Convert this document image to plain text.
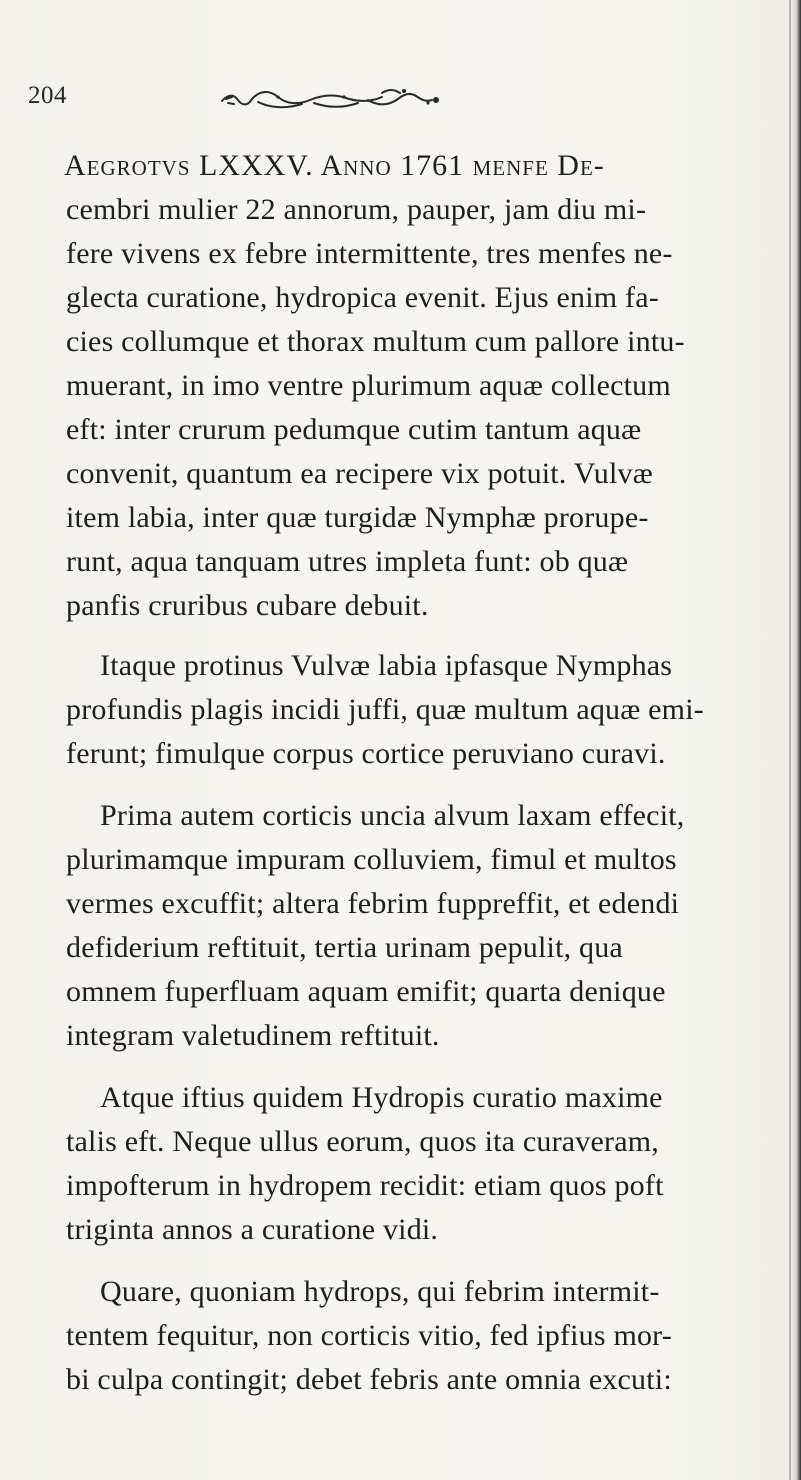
204
Aegrotvs LXXXV. Anno 1761 menfe De-
cembri mulier 22 annorum, pauper, jam diu mi-
fere vivens ex febre intermittente, tres menfes ne-
glecta curatione, hydropica evenit. Ejus enim fa-
cies collumque et thorax multum cum pallore intu-
muerant, in imo ventre plurimum aquæ collectum
eft: inter crurum pedumque cutim tantum aquæ
convenit, quantum ea recipere vix potuit. Vulvæ
item labia, inter quæ turgidæ Nymphæ prorupe-
runt, aqua tanquam utres impleta funt: ob quæ
panfis cruribus cubare debuit.
Itaque protinus Vulvæ labia ipfasque Nymphas
profundis plagis incidi juffi, quæ multum aquæ emi-
ferunt; fimulque corpus cortice peruviano curavi.
Prima autem corticis uncia alvum laxam effecit,
plurimamque impuram colluviem, fimul et multos
vermes excuffit; altera febrim fuppreffit, et edendi
defiderium reftituit, tertia urinam pepulit, qua
omnem fuperfluam aquam emifit; quarta denique
integram valetudinem reftituit.
Atque iftius quidem Hydropis curatio maxime
talis eft. Neque ullus eorum, quos ita curaveram,
impofterum in hydropem recidit: etiam quos poft
triginta annos a curatione vidi.
Quare, quoniam hydrops, qui febrim intermit-
tentem fequitur, non corticis vitio, fed ipfius mor-
bi culpa contingit; debet febris ante omnia excuti:
